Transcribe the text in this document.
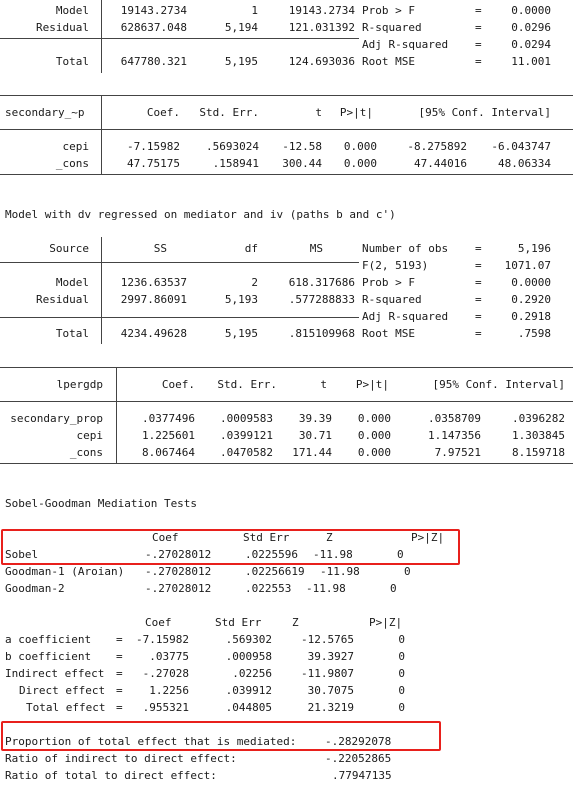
Model	19143.2734	1	19143.2734
Residual	628637.048	5,194	121.031392
Total	647780.321	5,195	124.693036
Prob > F	=	0.0000
R-squared	=	0.0296
Adj R-squared =	0.0294
Root MSE	=	11.001
secondary_~p	Coef. Std. Err.	t P>|t|	[95% Conf. Interval]
cepi	-7.15982 .5693024 -12.58 0.000	-8.275892 -6.043747
_cons	47.75175	.158941 300.44 0.000	47.44016	48.06334
Model with dv regressed on mediator and iv (paths b and c')
Source	SS	df	MS
Model	1236.63537	2	618.317686
Residual	2997.86091	5,193	.577288833
Total	4234.49628	5,195	.815109968
Number of obs =	5,196
F(2, 5193)	= 1071.07
Prob > F	=	0.0000
R-squared	=	0.2920
Adj R-squared =	0.2918
Root MSE	=	.7598
lpergdp	Coef. Std. Err.	t	P>|t|	[95% Conf. Interval]
secondary_prop	.0377496 .0009583 39.39 0.000	.0358709	.0396282
cepi	1.225601 .0399121 30.71 0.000	1.147356	1.303845
_cons	8.067464 .0470582 171.44 0.000	7.97521	8.159718
Sobel-Goodman Mediation Tests
Coef	Std Err	Z	P>|Z|
Sobel	-.27028012	.0225596 -11.98	0
Goodman-1 (Aroian) -.27028012	.02256619 -11.98	0
Goodman-2	-.27028012	.022553 -11.98	0
Coef	Std Err	Z	P>|Z|
a coefficient = -7.15982	.569302	-12.5765	0
b coefficient = .03775	.000958	39.3927	0
Indirect effect = -.27028	.02256	-11.9807	0
Direct effect = 1.2256	.039912	30.7075	0
Total effect = .955321	.044805	21.3219	0
Proportion of total effect that is mediated:	-.28292078
Ratio of indirect to direct effect:	-.22052865
Ratio of total to direct effect:	.77947135
